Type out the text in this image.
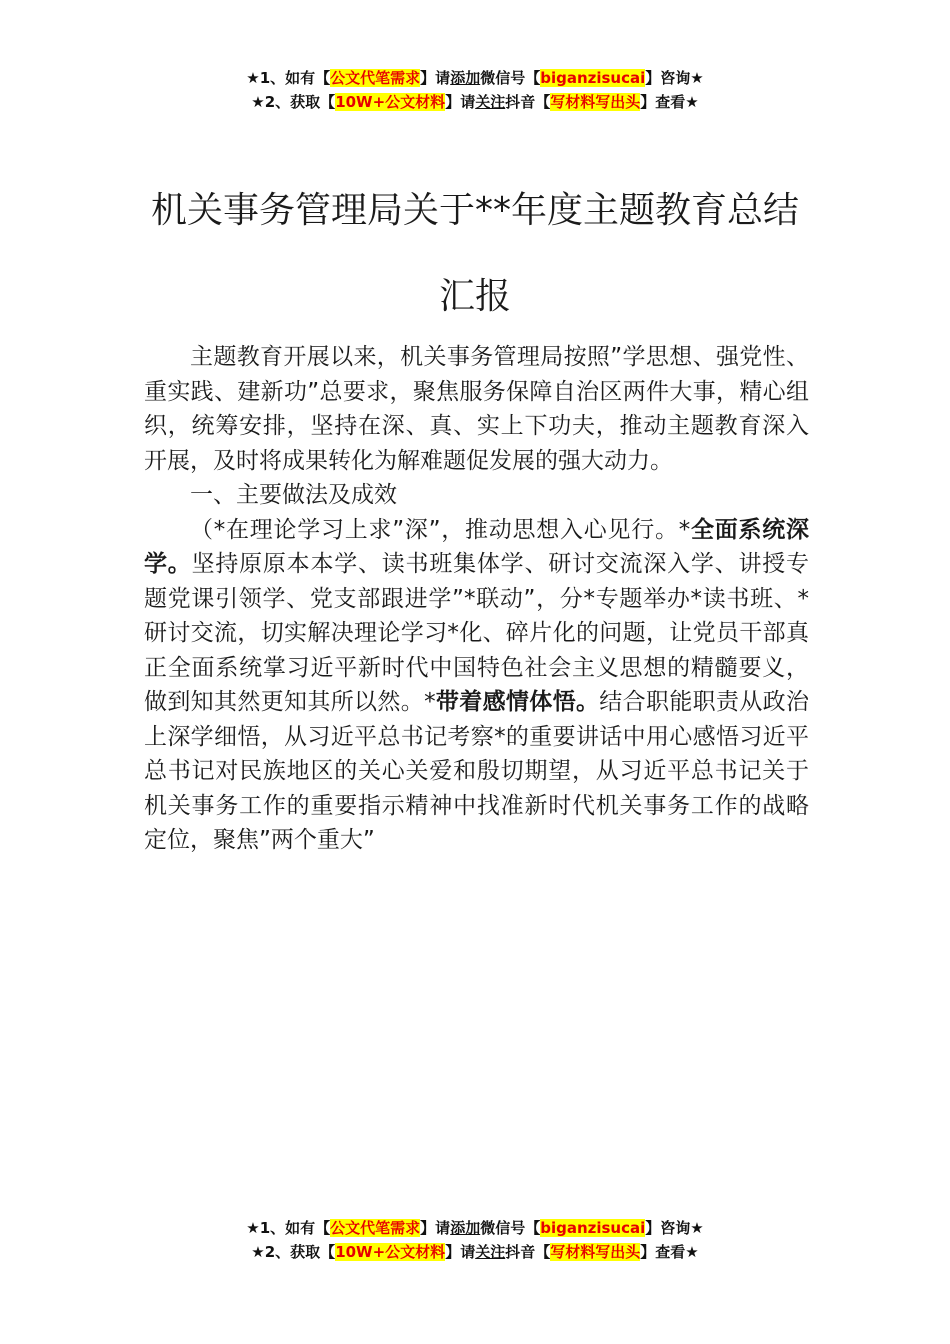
★1、如有【公文代笔需求】请添加微信号【biganzisucai】咨询★
★2、获取【10W+公文材料】请关注抖音【写材料写出头】查看★
机关事务管理局关于**年度主题教育总结
汇报

主题教育开展以来，机关事务管理局按照”学思想、强党性、重实践、建新功”总要求，聚焦服务保障自治区两件大事，精心组织，统筹安排，坚持在深、真、实上下功夫，推动主题教育深入开展，及时将成果转化为解难题促发展的强大动力。

一、主要做法及成效

（*在理论学习上求”深”，推动思想入心见行。*全面系统深学。坚持原原本本学、读书班集体学、研讨交流深入学、讲授专题党课引领学、党支部跟进学”*联动”，分*专题举办*读书班、*研讨交流，切实解决理论学习*化、碎片化的问题，让党员干部真正全面系统掌习近平新时代中国特色社会主义思想的精髓要义，做到知其然更知其所以然。*带着感情体悟。结合职能职责从政治上深学细悟，从习近平总书记考察*的重要讲话中用心感悟习近平总书记对民族地区的关心关爱和殷切期望，从习近平总书记关于机关事务工作的重要指示精神中找准新时代机关事务工作的战略定位，聚焦”两个重大”

★1、如有【公文代笔需求】请添加微信号【biganzisucai】咨询★
★2、获取【10W+公文材料】请关注抖音【写材料写出头】查看★
